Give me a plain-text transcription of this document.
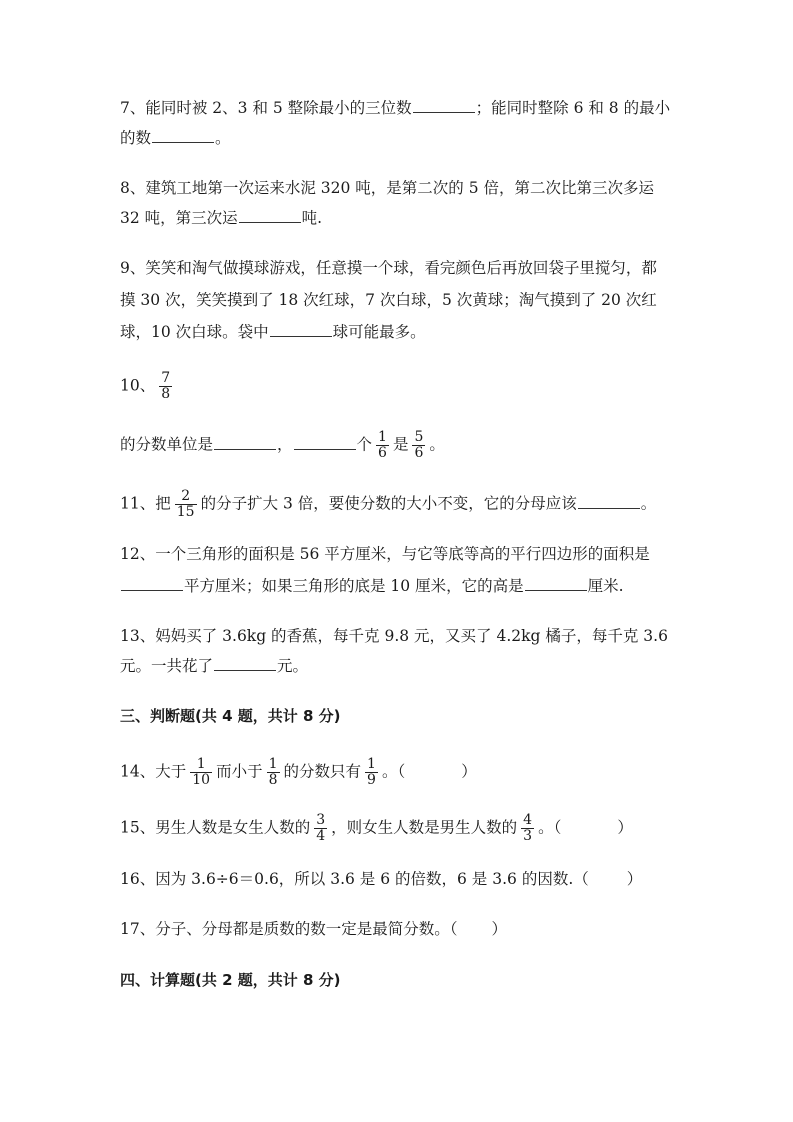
7、能同时被 2、3 和 5 整除最小的三位数	；能同时整除 6 和 8 的最小
的数	。
8、建筑工地第一次运来水泥 320 吨，是第二次的 5 倍，第二次比第三次多运
32 吨，第三次运	吨.
9、笑笑和淘气做摸球游戏，任意摸一个球，看完颜色后再放回袋子里搅匀，都
摸 30 次，笑笑摸到了 18 次红球，7 次白球，5 次黄球；淘气摸到了 20 次红
球，10 次白球。袋中	球可能最多。
10、 $\frac{7}{8}$
的分数单位是	，	个 $\frac{1}{6}$ 是 $\frac{5}{6}$ 。
11、把 $\frac{2}{15}$ 的分子扩大 3 倍，要使分数的大小不变，它的分母应该	。
12、一个三角形的面积是 56 平方厘米，与它等底等高的平行四边形的面积是
平方厘米；如果三角形的底是 10 厘米，它的高是	厘米.
13、妈妈买了 3.6kg 的香蕉，每千克 9.8 元，又买了 4.2kg 橘子，每千克 3.6
元。一共花了	元。
三、判断题(共 4 题，共计 8 分)
14、大于 $\frac{1}{10}$ 而小于 $\frac{1}{8}$ 的分数只有 $\frac{1}{9}$ 。（	）
15、男生人数是女生人数的 $\frac{3}{4}$ ，则女生人数是男生人数的 $\frac{4}{3}$ 。（	）
16、因为 3.6÷6＝0.6，所以 3.6 是 6 的倍数，6 是 3.6 的因数.（ ）
17、分子、分母都是质数的数一定是最简分数。（ ）
四、计算题(共 2 题，共计 8 分)
